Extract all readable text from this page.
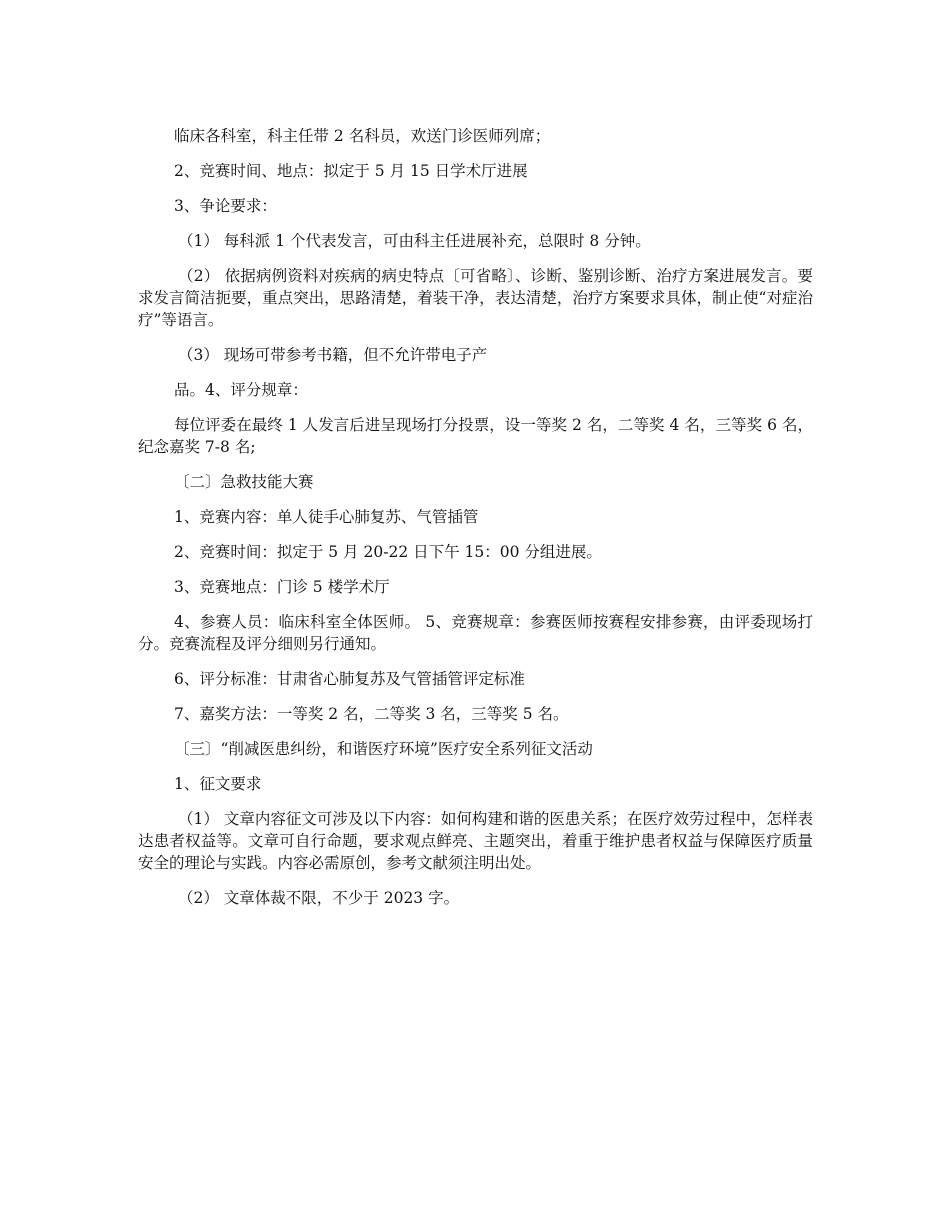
临床各科室，科主任带 2 名科员，欢送门诊医师列席；

2、竞赛时间、地点：拟定于 5 月 15 日学术厅进展

3、争论要求：

（1） 每科派 1 个代表发言，可由科主任进展补充，总限时 8 分钟。

（2） 依据病例资料对疾病的病史特点〔可省略〕、诊断、鉴别诊断、治疗方案进展发言。要求发言简洁扼要，重点突出，思路清楚，着装干净，表达清楚，治疗方案要求具体，制止使“对症治疗”等语言。

（3） 现场可带参考书籍，但不允许带电子产

品。4、评分规章：

每位评委在最终 1 人发言后进呈现场打分投票，设一等奖 2 名，二等奖 4 名，三等奖 6 名，纪念嘉奖 7-8 名;

〔二〕急救技能大赛

1、竞赛内容：单人徒手心肺复苏、气管插管

2、竞赛时间：拟定于 5 月 20-22 日下午 15：00 分组进展。

3、竞赛地点：门诊 5 楼学术厅

4、参赛人员：临床科室全体医师。 5、竞赛规章：参赛医师按赛程安排参赛，由评委现场打分。竞赛流程及评分细则另行通知。

6、评分标准：甘肃省心肺复苏及气管插管评定标准

7、嘉奖方法：一等奖 2 名，二等奖 3 名，三等奖 5 名。

〔三〕“削减医患纠纷，和谐医疗环境”医疗安全系列征文活动

1、征文要求

（1） 文章内容征文可涉及以下内容：如何构建和谐的医患关系；在医疗效劳过程中，怎样表达患者权益等。文章可自行命题，要求观点鲜亮、主题突出，着重于维护患者权益与保障医疗质量安全的理论与实践。内容必需原创，参考文献须注明出处。

（2） 文章体裁不限，不少于 2023 字。
